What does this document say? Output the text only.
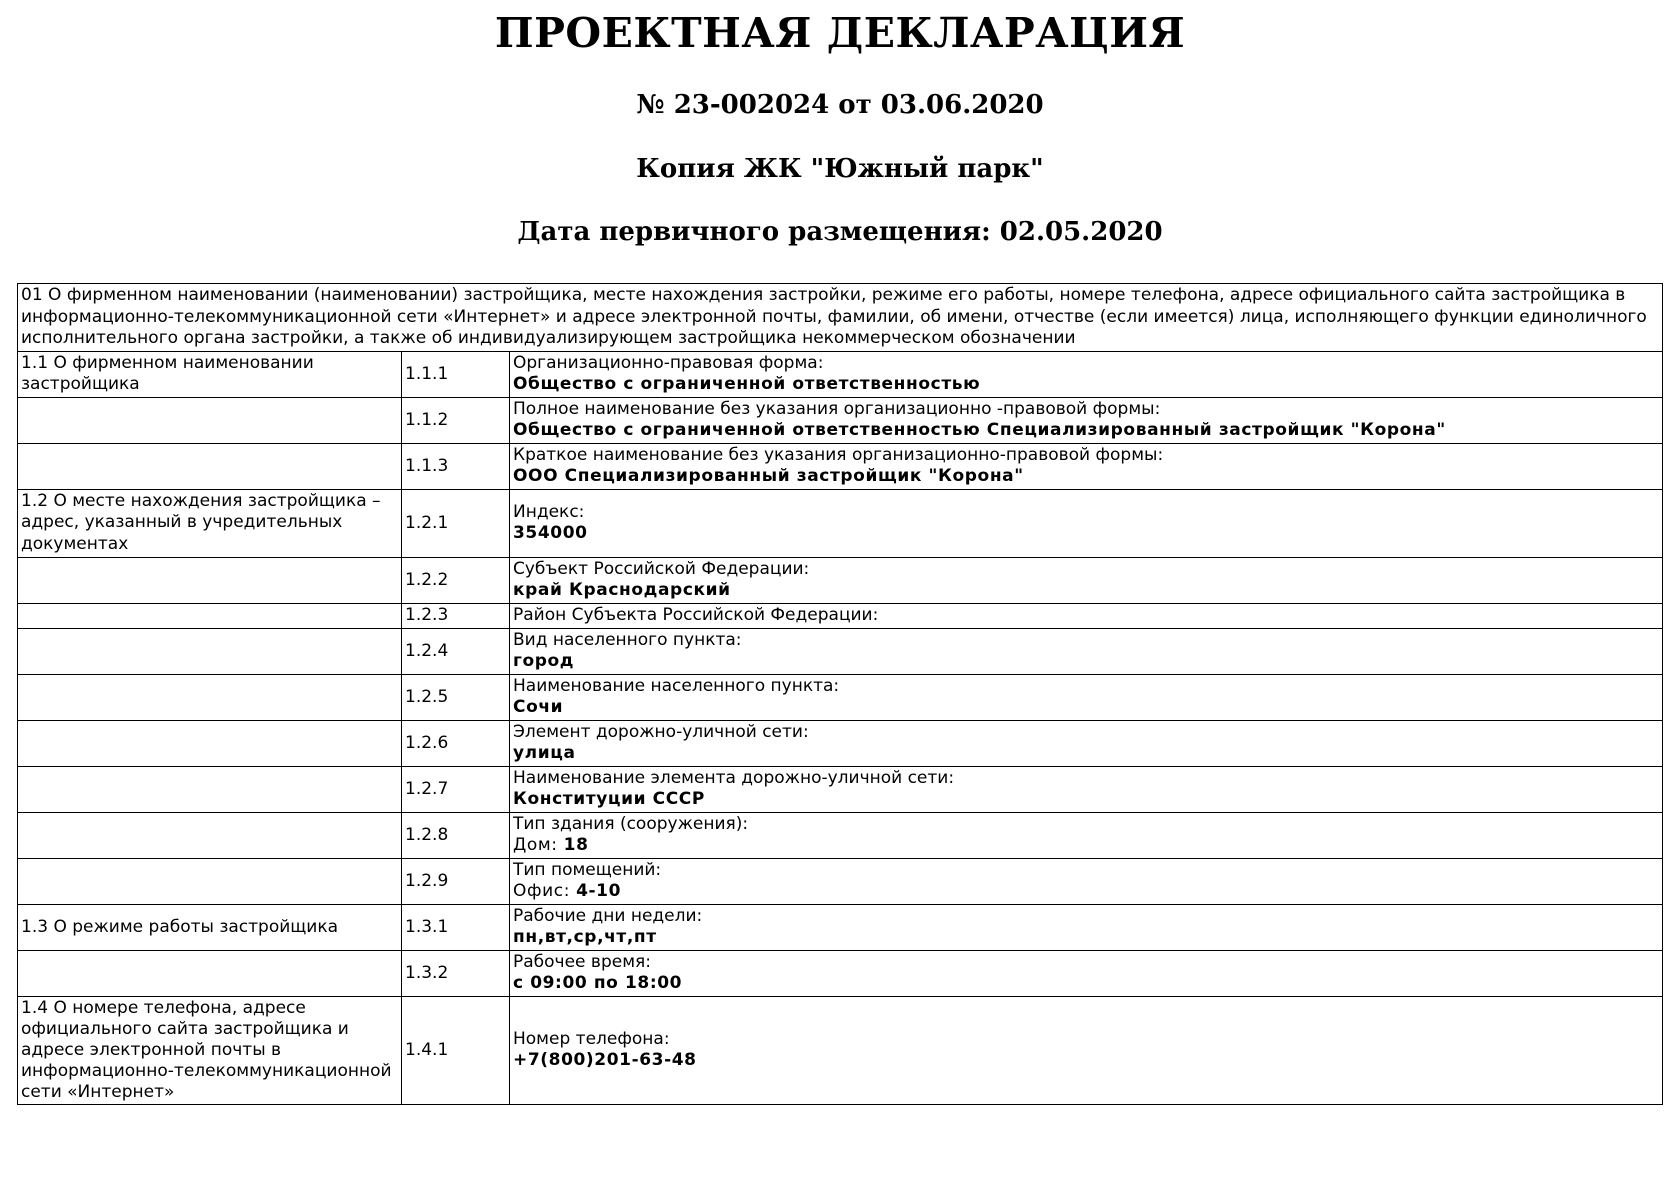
ПРОЕКТНАЯ ДЕКЛАРАЦИЯ
№ 23-002024 от 03.06.2020
Копия ЖК "Южный парк"
Дата первичного размещения: 02.05.2020
01 О фирменном наименовании (наименовании) застройщика, месте нахождения застройки, режиме его работы, номере телефона, адресе официального сайта застройщика в информационно-телекоммуникационной сети «Интернет» и адресе электронной почты, фамилии, об имени, отчестве (если имеется) лица, исполняющего функции единоличного исполнительного органа застройки, а также об индивидуализирующем застройщика некоммерческом обозначении		
1.1 О фирменном наименовании застройщика	1.1.1	Организационно-правовая форма:
Общество с ограниченной ответственностью

	1.1.2	Полное наименование без указания организационно -правовой формы:
Общество с ограниченной ответственностью Специализированный застройщик "Корона"

	1.1.3	Краткое наименование без указания организационно-правовой формы:
ООО Специализированный застройщик "Корона"

1.2 О месте нахождения застройщика – адрес, указанный в учредительных документах	1.2.1	Индекс:
354000

	1.2.2	Субъект Российской Федерации:
край Краснодарский

	1.2.3	Район Субъекта Российской Федерации:

	1.2.4	Вид населенного пункта:
город

	1.2.5	Наименование населенного пункта:
Сочи

	1.2.6	Элемент дорожно-уличной сети:
улица

	1.2.7	Наименование элемента дорожно-уличной сети:
Конституции СССР

	1.2.8	Тип здания (сооружения):
Дом: 18

	1.2.9	Тип помещений:
Офис: 4-10

1.3 О режиме работы застройщика	1.3.1	Рабочие дни недели:
пн,вт,ср,чт,пт

	1.3.2	Рабочее время:
с 09:00 по 18:00

1.4 О номере телефона, адресе официального сайта застройщика и адресе электронной почты в информационно-телекоммуникационной сети «Интернет»	1.4.1	Номер телефона:
+7(800)201-63-48
